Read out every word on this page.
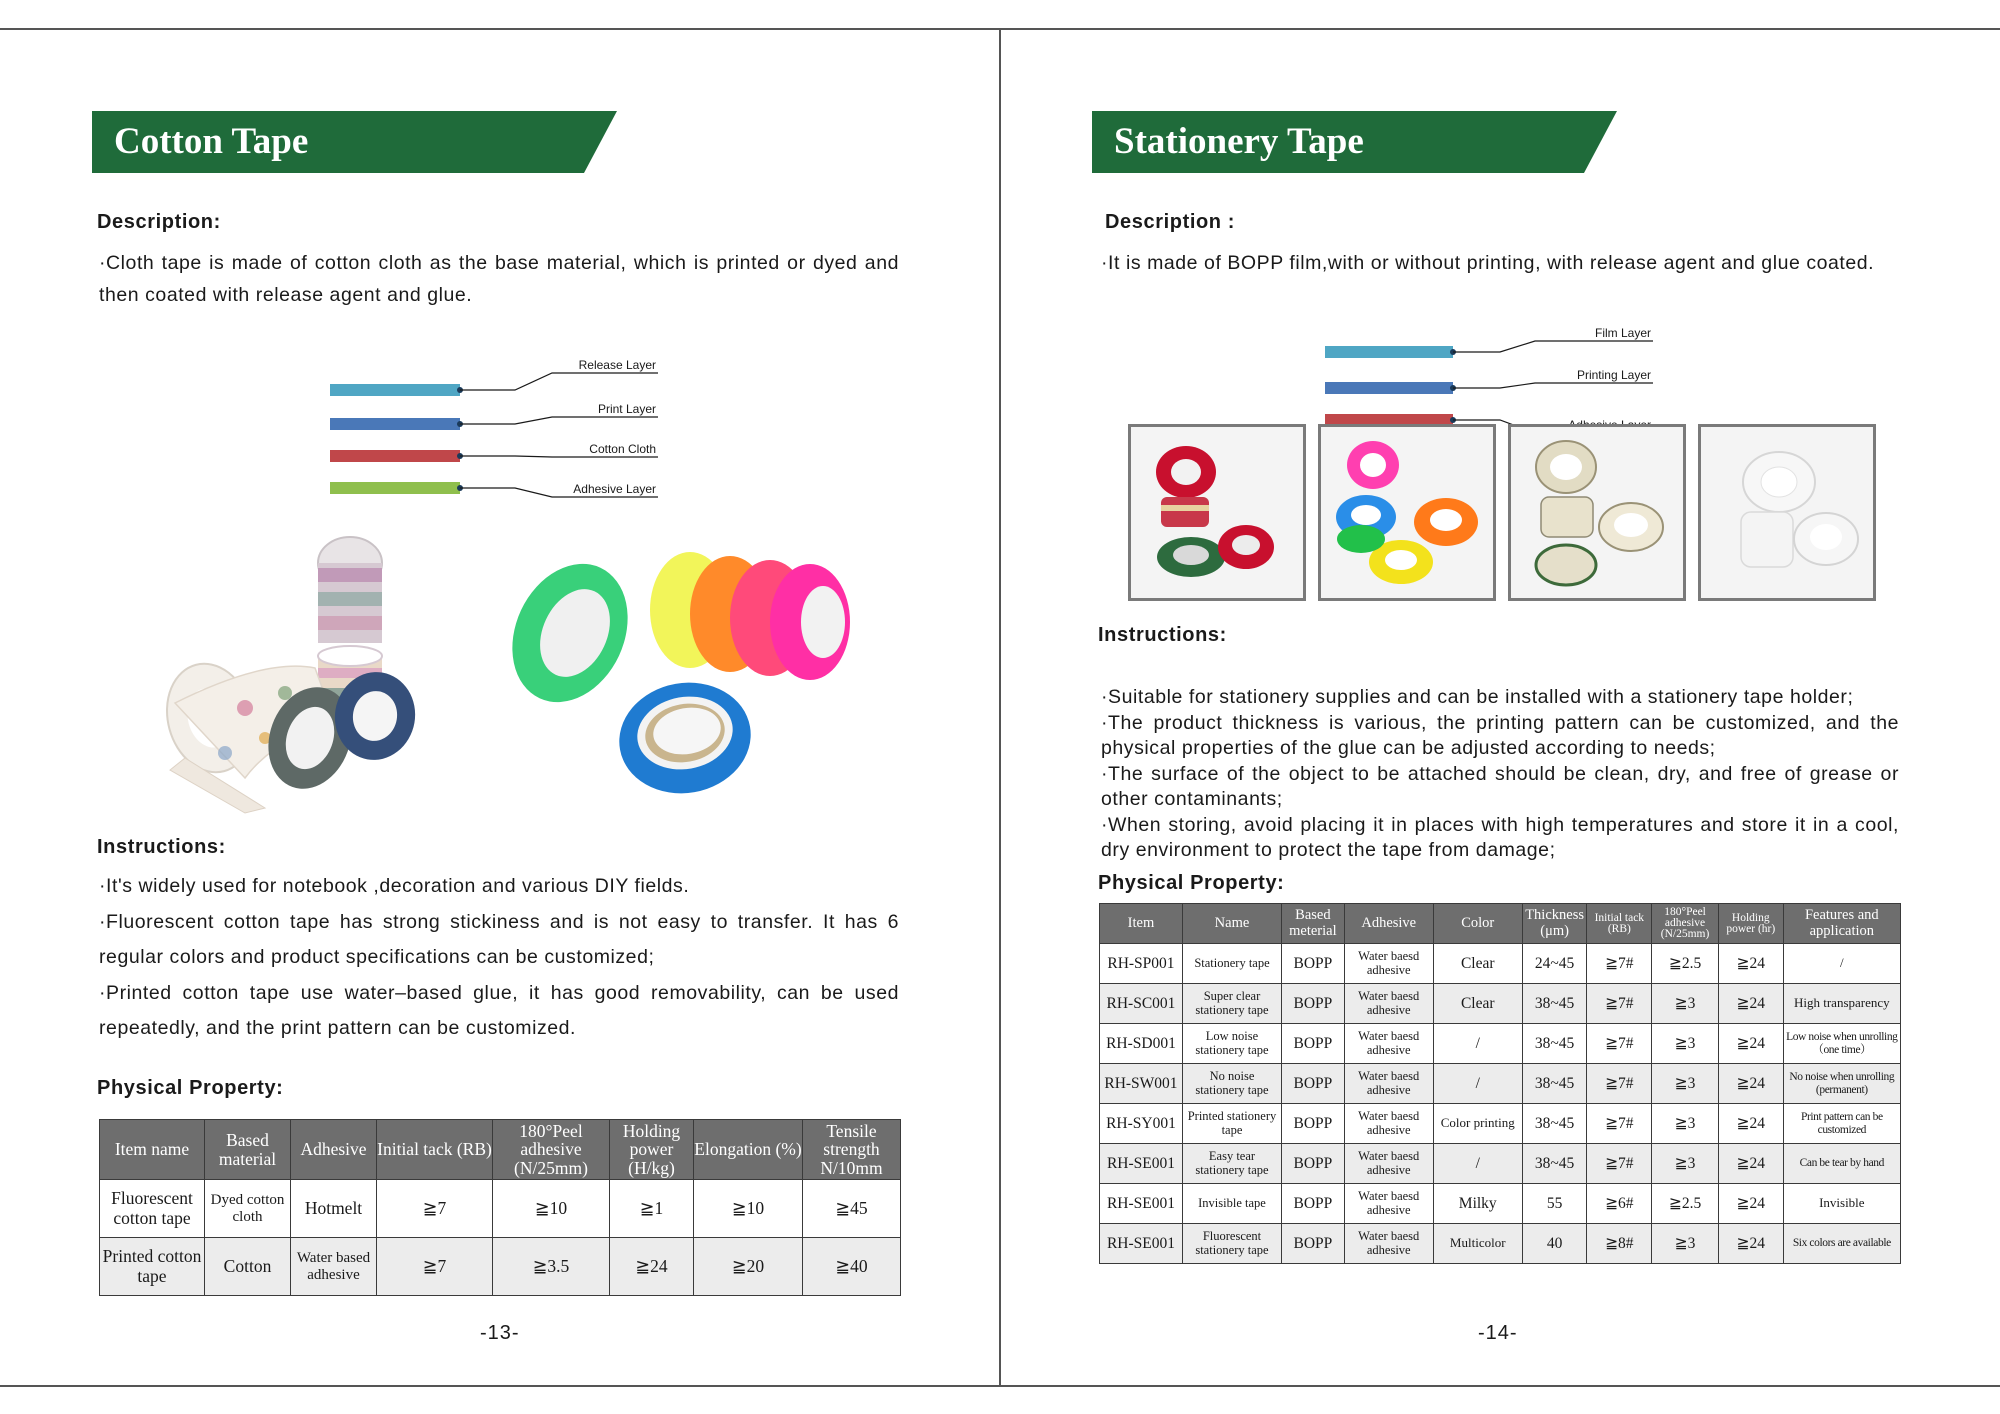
Cotton Tape
Description:
·Cloth tape is made of cotton cloth as the base material, which is printed or dyed and then coated with release agent and glue.
Release Layer
Print Layer
Cotton Cloth
Adhesive Layer
Instructions:

·It's widely used for notebook ,decoration and various DIY fields.

·Fluorescent cotton tape has strong stickiness and is not easy to transfer. It has 6 regular colors and product specifications can be customized;

·Printed cotton tape use water–based glue, it has good removability, can be used repeatedly, and the print pattern can be customized.

Physical Property:
Item name	Based material	Adhesive	Initial tack (RB)	180°Peel adhesive (N/25mm)	Holding power (H/kg)	Elongation (%)	Tensile strength N/10mm
Fluorescent cotton tape	Dyed cotton cloth	Hotmelt	≧7	≧10	≧1	≧10	≧45
Printed cotton tape	Cotton	Water based adhesive	≧7	≧3.5	≧24	≧20	≧40
-13-
Stationery Tape
Description :
·It is made of BOPP film,with or without printing, with release agent and glue coated.
Film Layer
Printing Layer
Instructions:

·Suitable for stationery supplies and can be installed with a stationery tape holder;

·The product thickness is various, the printing pattern can be customized, and the physical properties of the glue can be adjusted according to needs;

·The surface of the object to be attached should be clean, dry, and free of grease or other contaminants;

·When storing, avoid placing it in places with high temperatures and store it in a cool, dry environment to protect the tape from damage;

Physical Property:
Item	Name	Based meterial	Adhesive	Color	Thickness (μm)	Initial tack (RB)	180°Peel adhesive (N/25mm)	Holding power (hr)	Features and application
RH-SP001	Stationery tape	BOPP	Water baesd adhesive	Clear	24~45	≧7#	≧2.5	≧24	/
RH-SC001	Super clear stationery tape	BOPP	Water baesd adhesive	Clear	38~45	≧7#	≧3	≧24	High transparency
RH-SD001	Low noise stationery tape	BOPP	Water baesd adhesive	/	38~45	≧7#	≧3	≧24	Low noise when unrolling（one time）
RH-SW001	No noise stationery tape	BOPP	Water baesd adhesive	/	38~45	≧7#	≧3	≧24	No noise when unrolling (permanent)
RH-SY001	Printed stationery tape	BOPP	Water baesd adhesive	Color printing	38~45	≧7#	≧3	≧24	Print pattern can be customized
RH-SE001	Easy tear stationery tape	BOPP	Water baesd adhesive	/	38~45	≧7#	≧3	≧24	Can be tear by hand
RH-SE001	Invisible tape	BOPP	Water baesd adhesive	Milky	55	≧6#	≧2.5	≧24	Invisible
RH-SE001	Fluorescent stationery tape	BOPP	Water baesd adhesive	Multicolor	40	≧8#	≧3	≧24	Six colors are available
-14-
